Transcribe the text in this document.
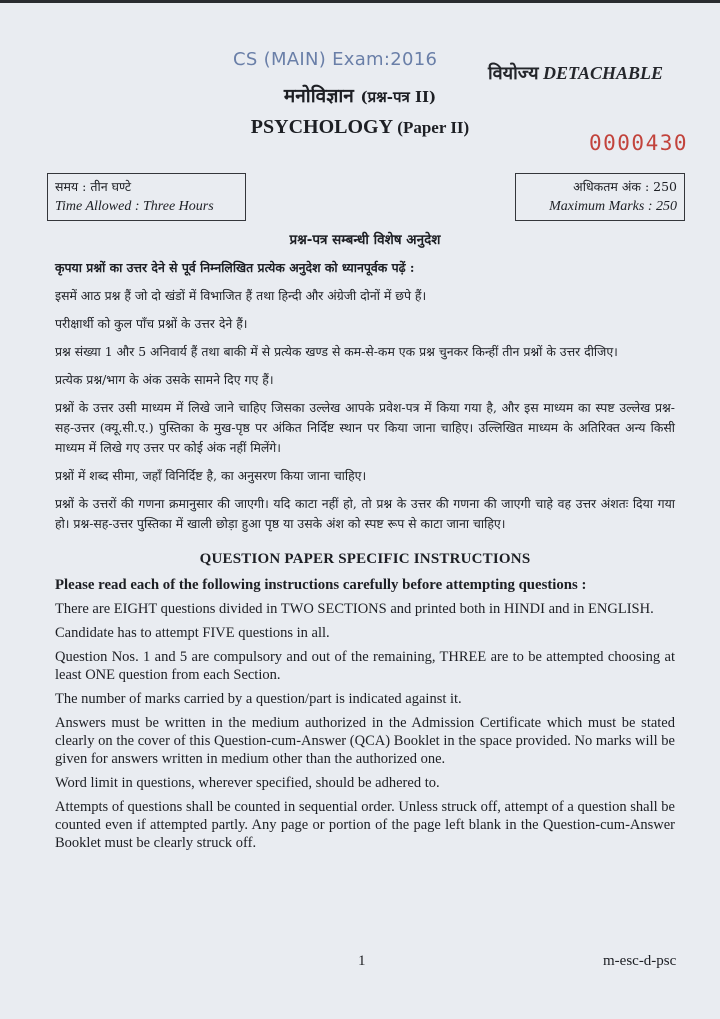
CS (MAIN) Exam:2016
वियोज्य DETACHABLE
मनोविज्ञान (प्रश्न-पत्र II)
PSYCHOLOGY (Paper II)
0000430
समय : तीन घण्टे
Time Allowed : Three Hours
अधिकतम अंक : 250
Maximum Marks : 250
प्रश्न-पत्र सम्बन्धी विशेष अनुदेश

कृपया प्रश्नों का उत्तर देने से पूर्व निम्नलिखित प्रत्येक अनुदेश को ध्यानपूर्वक पढ़ें :

इसमें आठ प्रश्न हैं जो दो खंडों में विभाजित हैं तथा हिन्दी और अंग्रेजी दोनों में छपे हैं।

परीक्षार्थी को कुल पाँच प्रश्नों के उत्तर देने हैं।

प्रश्न संख्या 1 और 5 अनिवार्य हैं तथा बाकी में से प्रत्येक खण्ड से कम-से-कम एक प्रश्न चुनकर किन्हीं तीन प्रश्नों के उत्तर दीजिए।

प्रत्येक प्रश्न/भाग के अंक उसके सामने दिए गए हैं।

प्रश्नों के उत्तर उसी माध्यम में लिखे जाने चाहिए जिसका उल्लेख आपके प्रवेश-पत्र में किया गया है, और इस माध्यम का स्पष्ट उल्लेख प्रश्न-सह-उत्तर (क्यू.सी.ए.) पुस्तिका के मुख-पृष्ठ पर अंकित निर्दिष्ट स्थान पर किया जाना चाहिए। उल्लिखित माध्यम के अतिरिक्त अन्य किसी माध्यम में लिखे गए उत्तर पर कोई अंक नहीं मिलेंगे।

प्रश्नों में शब्द सीमा, जहाँ विनिर्दिष्ट है, का अनुसरण किया जाना चाहिए।

प्रश्नों के उत्तरों की गणना क्रमानुसार की जाएगी। यदि काटा नहीं हो, तो प्रश्न के उत्तर की गणना की जाएगी चाहे वह उत्तर अंशतः दिया गया हो। प्रश्न-सह-उत्तर पुस्तिका में खाली छोड़ा हुआ पृष्ठ या उसके अंश को स्पष्ट रूप से काटा जाना चाहिए।

QUESTION PAPER SPECIFIC INSTRUCTIONS

Please read each of the following instructions carefully before attempting questions :

There are EIGHT questions divided in TWO SECTIONS and printed both in HINDI and in ENGLISH.

Candidate has to attempt FIVE questions in all.

Question Nos. 1 and 5 are compulsory and out of the remaining, THREE are to be attempted choosing at least ONE question from each Section.

The number of marks carried by a question/part is indicated against it.

Answers must be written in the medium authorized in the Admission Certificate which must be stated clearly on the cover of this Question-cum-Answer (QCA) Booklet in the space provided. No marks will be given for answers written in medium other than the authorized one.

Word limit in questions, wherever specified, should be adhered to.

Attempts of questions shall be counted in sequential order. Unless struck off, attempt of a question shall be counted even if attempted partly. Any page or portion of the page left blank in the Question-cum-Answer Booklet must be clearly struck off.

1	m-esc-d-psc
